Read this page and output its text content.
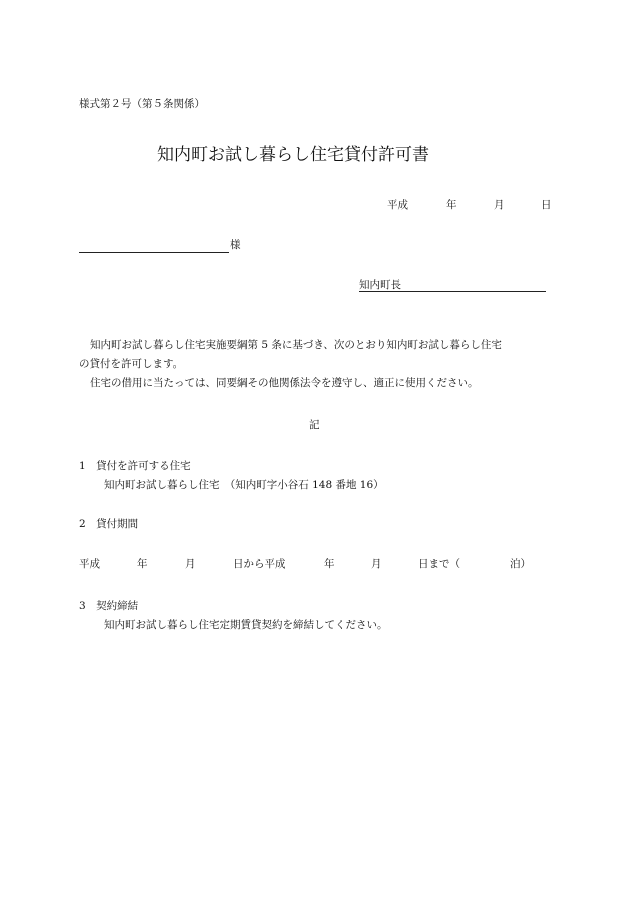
様式第２号（第５条関係）
知内町お試し暮らし住宅貸付許可書
平成	年	月	日
様
知内町長
知内町お試し暮らし住宅実施要綱第 5 条に基づき、次のとおり知内町お試し暮らし住宅
の貸付を許可します。
住宅の借用に当たっては、同要綱その他関係法令を遵守し、適正に使用ください。
記
1　貸付を許可する住宅
知内町お試し暮らし住宅　（知内町字小谷石 148 番地 16）
2　貸付期間
平成	年	月	日から平成	年	月	日まで（	泊）
3　契約締結
知内町お試し暮らし住宅定期賃貸契約を締結してください。
